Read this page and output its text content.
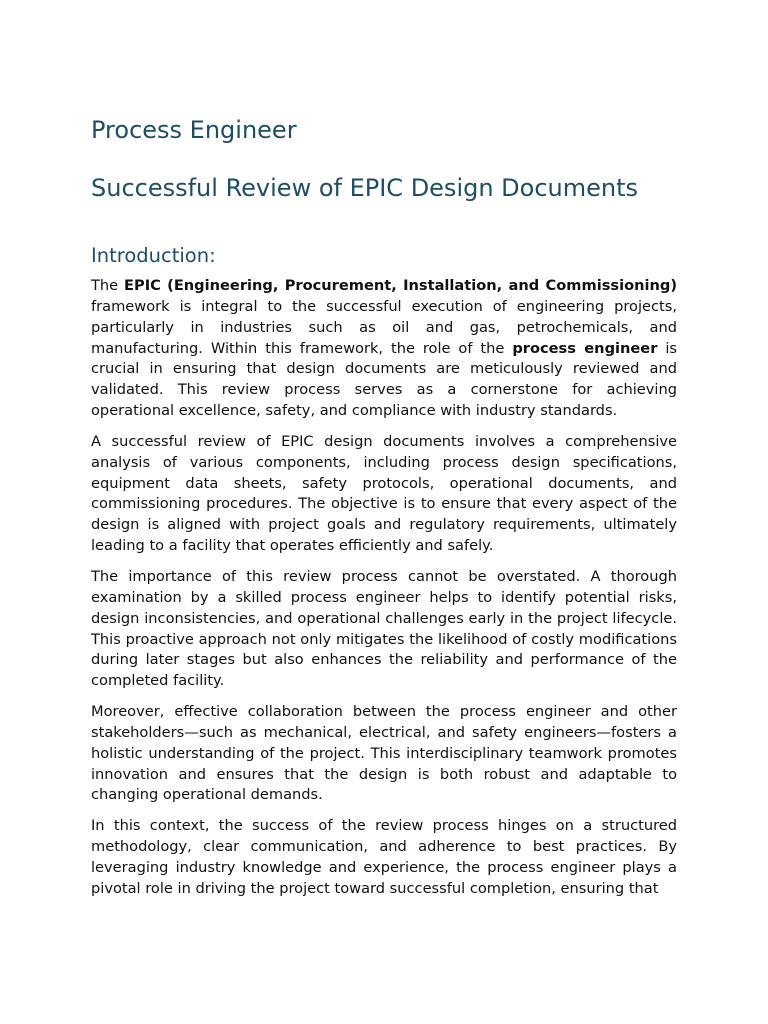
Process Engineer
Successful Review of EPIC Design Documents
Introduction:

The EPIC (Engineering, Procurement, Installation, and Commissioning) framework is integral to the successful execution of engineering projects, particularly in industries such as oil and gas, petrochemicals, and manufacturing. Within this framework, the role of the process engineer is crucial in ensuring that design documents are meticulously reviewed and validated. This review process serves as a cornerstone for achieving operational excellence, safety, and compliance with industry standards.

A successful review of EPIC design documents involves a comprehensive analysis of various components, including process design specifications, equipment data sheets, safety protocols, operational documents, and commissioning procedures. The objective is to ensure that every aspect of the design is aligned with project goals and regulatory requirements, ultimately leading to a facility that operates efficiently and safely.

The importance of this review process cannot be overstated. A thorough examination by a skilled process engineer helps to identify potential risks, design inconsistencies, and operational challenges early in the project lifecycle. This proactive approach not only mitigates the likelihood of costly modifications during later stages but also enhances the reliability and performance of the completed facility.

Moreover, effective collaboration between the process engineer and other stakeholders—such as mechanical, electrical, and safety engineers—fosters a holistic understanding of the project. This interdisciplinary teamwork promotes innovation and ensures that the design is both robust and adaptable to changing operational demands.

In this context, the success of the review process hinges on a structured methodology, clear communication, and adherence to best practices. By leveraging industry knowledge and experience, the process engineer plays a pivotal role in driving the project toward successful completion, ensuring that
